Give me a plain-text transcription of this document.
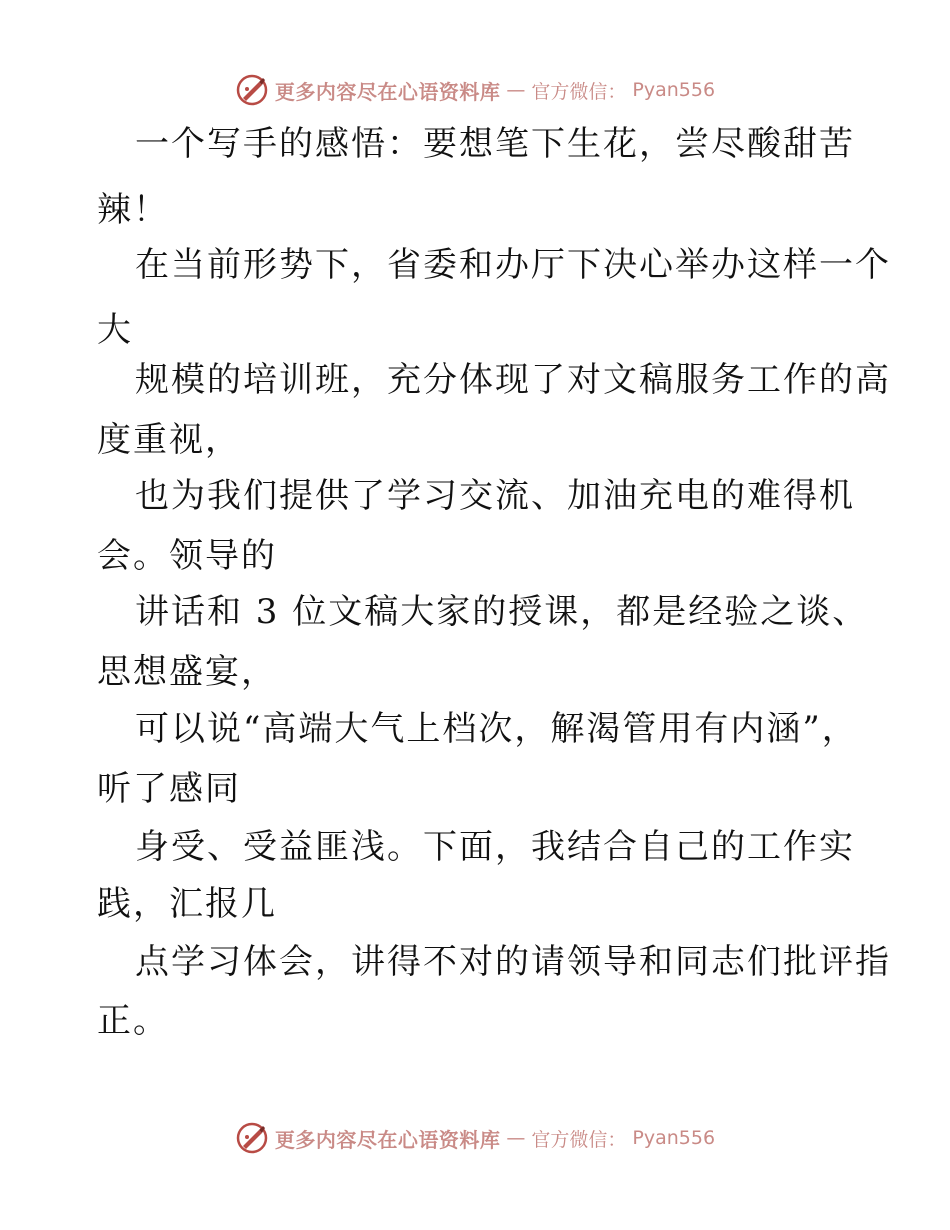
更多内容尽在心语资料库 — 官方微信： Pyan556
一个写手的感悟：要想笔下生花，尝尽酸甜苦
辣！
在当前形势下，省委和办厅下决心举办这样一个
大
规模的培训班，充分体现了对文稿服务工作的高
度重视，
也为我们提供了学习交流、加油充电的难得机
会。领导的
讲话和 3 位文稿大家的授课，都是经验之谈、
思想盛宴，
可以说“高端大气上档次，解渴管用有内涵”，
听了感同
身受、受益匪浅。下面，我结合自己的工作实
践，汇报几
点学习体会，讲得不对的请领导和同志们批评指
正。
更多内容尽在心语资料库 — 官方微信： Pyan556
